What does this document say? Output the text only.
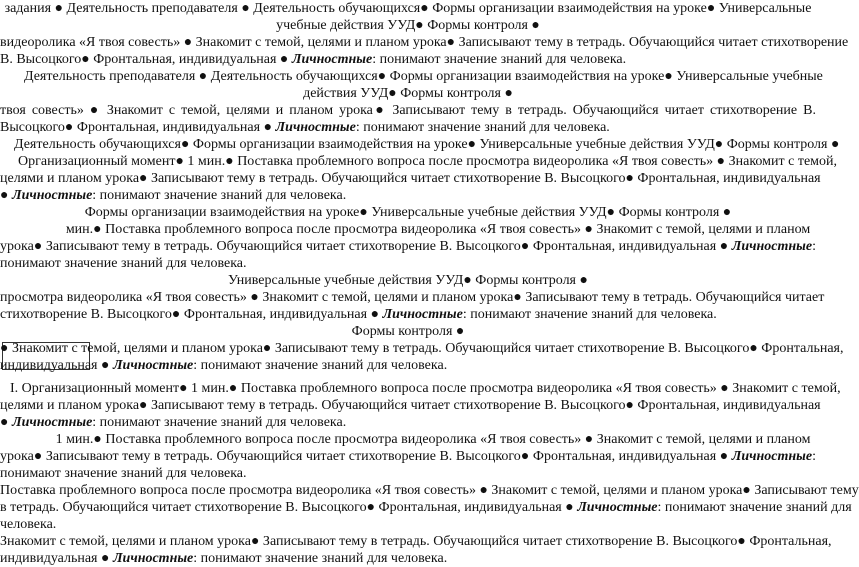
задания ● Деятельность преподавателя ● Деятельность обучающихся● Формы организации взаимодействия на уроке● Универсальные
учебные действия УУД● Формы контроля ●
видеоролика «Я твоя совесть» ● Знакомит с темой, целями и планом урока● Записывают тему в тетрадь. Обучающийся читает стихотворение
В. Высоцкого● Фронтальная, индивидуальная ● Личностные: понимают значение знаний для человека.
Деятельность преподавателя ● Деятельность обучающихся● Формы организации взаимодействия на уроке● Универсальные учебные
действия УУД● Формы контроля ●
твоя совесть» ● Знакомит с темой, целями и планом урока● Записывают тему в тетрадь. Обучающийся читает стихотворение В.
Высоцкого● Фронтальная, индивидуальная ● Личностные: понимают значение знаний для человека.
Деятельность обучающихся● Формы организации взаимодействия на уроке● Универсальные учебные действия УУД● Формы контроля ●
Организационный момент● 1 мин.● Поставка проблемного вопроса после просмотра видеоролика «Я твоя совесть» ● Знакомит с темой,
целями и планом урока● Записывают тему в тетрадь. Обучающийся читает стихотворение В. Высоцкого● Фронтальная, индивидуальная
● Личностные: понимают значение знаний для человека.
Формы организации взаимодействия на уроке● Универсальные учебные действия УУД● Формы контроля ●
мин.● Поставка проблемного вопроса после просмотра видеоролика «Я твоя совесть» ● Знакомит с темой, целями и планом
урока● Записывают тему в тетрадь. Обучающийся читает стихотворение В. Высоцкого● Фронтальная, индивидуальная ● Личностные:
понимают значение знаний для человека.
Универсальные учебные действия УУД● Формы контроля ●
просмотра видеоролика «Я твоя совесть» ● Знакомит с темой, целями и планом урока● Записывают тему в тетрадь. Обучающийся читает
стихотворение В. Высоцкого● Фронтальная, индивидуальная ● Личностные: понимают значение знаний для человека.
Формы контроля ●
● Знакомит с темой, целями и планом урока● Записывают тему в тетрадь. Обучающийся читает стихотворение В. Высоцкого● Фронтальная,
индивидуальная ● Личностные: понимают значение знаний для человека.
I. Организационный момент● 1 мин.● Поставка проблемного вопроса после просмотра видеоролика «Я твоя совесть» ● Знакомит с темой,
целями и планом урока● Записывают тему в тетрадь. Обучающийся читает стихотворение В. Высоцкого● Фронтальная, индивидуальная
● Личностные: понимают значение знаний для человека.
1 мин.● Поставка проблемного вопроса после просмотра видеоролика «Я твоя совесть» ● Знакомит с темой, целями и планом
урока● Записывают тему в тетрадь. Обучающийся читает стихотворение В. Высоцкого● Фронтальная, индивидуальная ● Личностные:
понимают значение знаний для человека.
Поставка проблемного вопроса после просмотра видеоролика «Я твоя совесть» ● Знакомит с темой, целями и планом урока● Записывают тему
в тетрадь. Обучающийся читает стихотворение В. Высоцкого● Фронтальная, индивидуальная ● Личностные: понимают значение знаний для
человека.
Знакомит с темой, целями и планом урока● Записывают тему в тетрадь. Обучающийся читает стихотворение В. Высоцкого● Фронтальная,
индивидуальная ● Личностные: понимают значение знаний для человека.
